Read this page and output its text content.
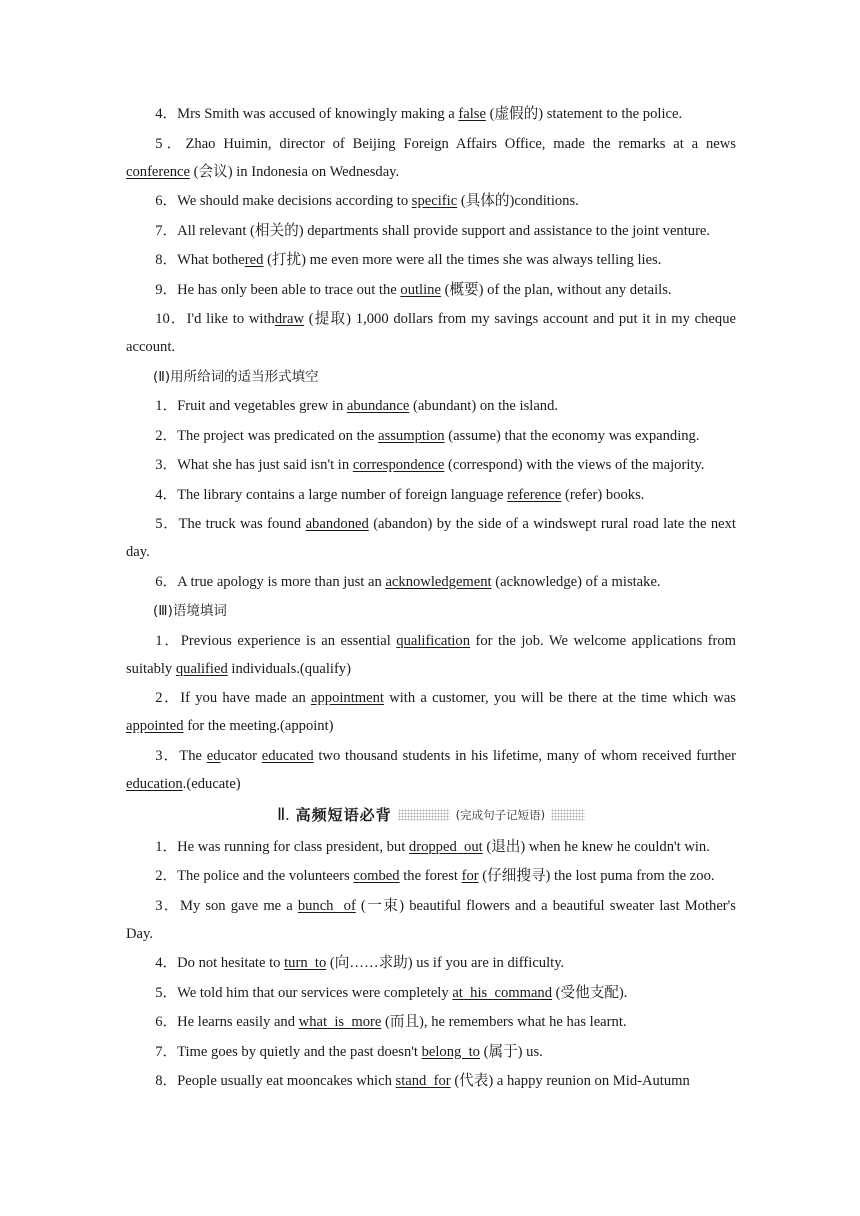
4．Mrs Smith was accused of knowingly making a false (虚假的) statement to the police.

5．Zhao Huimin, director of Beijing Foreign Affairs Office, made the remarks at a news conference (会议) in Indonesia on Wednesday.

6．We should make decisions according to specific (具体的)conditions.

7．All relevant (相关的) departments shall provide support and assistance to the joint venture.

8．What bothered (打扰) me even more were all the times she was always telling lies.

9．He has only been able to trace out the outline (概要) of the plan, without any details.

10．I'd like to withdraw (提取) 1,000 dollars from my savings account and put it in my cheque account.

(Ⅱ)用所给词的适当形式填空

1．Fruit and vegetables grew in abundance (abundant) on the island.

2．The project was predicated on the assumption (assume) that the economy was expanding.

3．What she has just said isn't in correspondence (correspond) with the views of the majority.

4．The library contains a large number of foreign language reference (refer) books.

5．The truck was found abandoned (abandon) by the side of a windswept rural road late the next day.

6．A true apology is more than just an acknowledgement (acknowledge) of a mistake.

(Ⅲ)语境填词

1．Previous experience is an essential qualification for the job. We welcome applications from suitably qualified individuals.(qualify)

2．If you have made an appointment with a customer, you will be there at the time which was appointed for the meeting.(appoint)

3．The educator educated two thousand students in his lifetime, many of whom received further education.(educate)

Ⅱ. 高频短语必背	(完成句子记短语)

1．He was running for class president, but dropped  out (退出) when he knew he couldn't win.

2．The police and the volunteers combed the forest for (仔细搜寻) the lost puma from the zoo.

3．My son gave me a bunch  of (一束) beautiful flowers and a beautiful sweater last Mother's Day.

4．Do not hesitate to turn  to (向……求助) us if you are in difficulty.

5．We told him that our services were completely at  his  command (受他支配).

6．He learns easily and what  is  more (而且), he remembers what he has learnt.

7．Time goes by quietly and the past doesn't belong  to (属于) us.

8．People usually eat mooncakes which stand  for (代表) a happy reunion on Mid-Autumn
